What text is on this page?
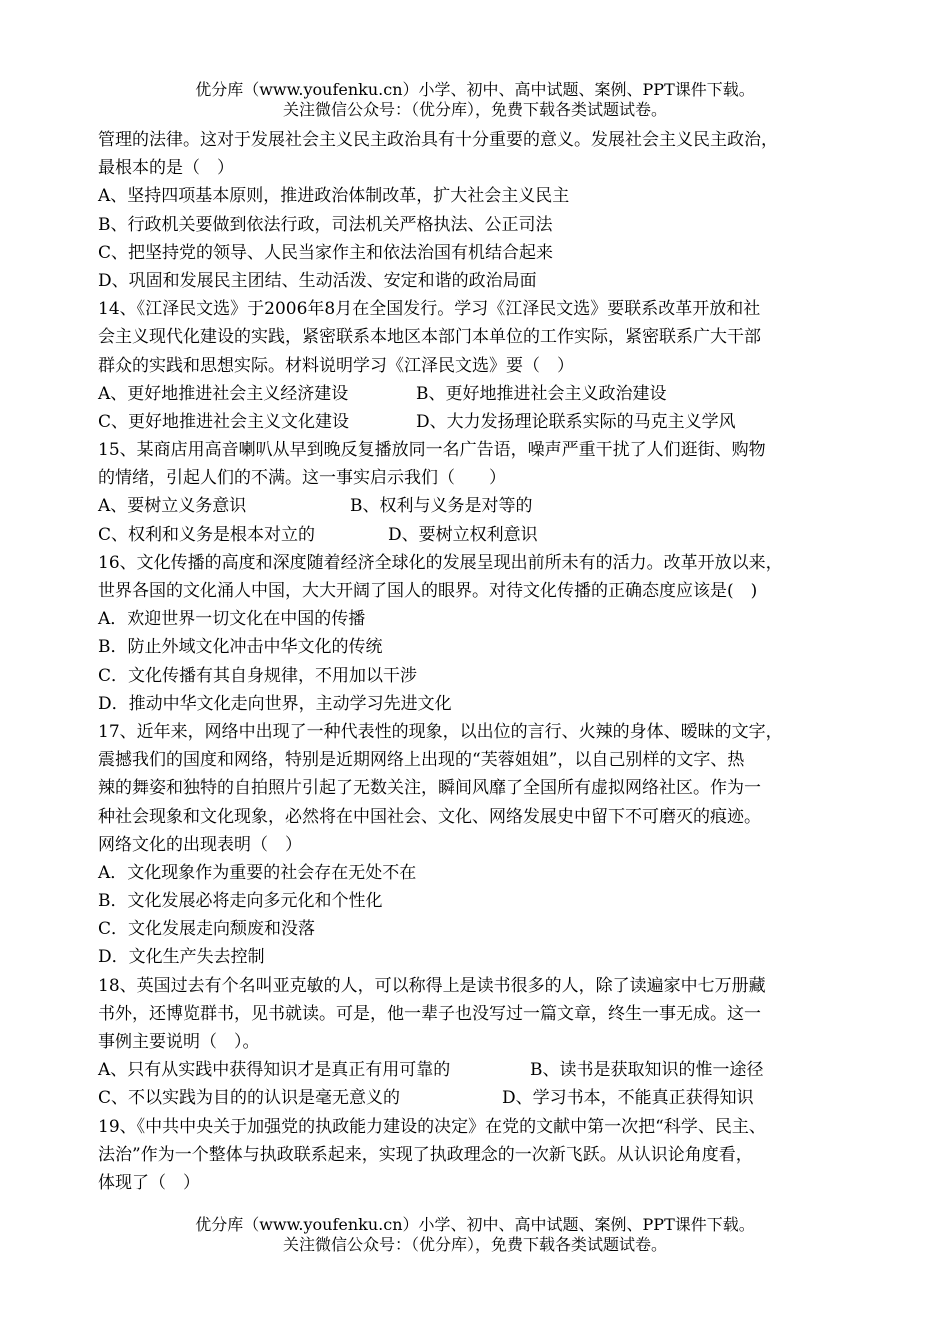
优分库（www.youfenku.cn）小学、初中、高中试题、案例、PPT课件下载。
关注微信公众号：（优分库），免费下载各类试题试卷。
管理的法律。这对于发展社会主义民主政治具有十分重要的意义。发展社会主义民主政治，
最根本的是（　）
A、坚持四项基本原则，推进政治体制改革，扩大社会主义民主
B、行政机关要做到依法行政，司法机关严格执法、公正司法
C、把坚持党的领导、人民当家作主和依法治国有机结合起来
D、巩固和发展民主团结、生动活泼、安定和谐的政治局面
14、《江泽民文选》于2006年8月在全国发行。学习《江泽民文选》要联系改革开放和社
会主义现代化建设的实践，紧密联系本地区本部门本单位的工作实际，紧密联系广大干部
群众的实践和思想实际。材料说明学习《江泽民文选》要（　）
A、更好地推进社会主义经济建设	B、更好地推进社会主义政治建设
C、更好地推进社会主义文化建设	D、大力发扬理论联系实际的马克主义学风
15、某商店用高音喇叭从早到晚反复播放同一名广告语，噪声严重干扰了人们逛街、购物
的情绪，引起人们的不满。这一事实启示我们（　　）
A、要树立义务意识	B、权利与义务是对等的
C、权利和义务是根本对立的	D、要树立权利意识
16、文化传播的高度和深度随着经济全球化的发展呈现出前所未有的活力。改革开放以来，
世界各国的文化涌人中国，大大开阔了国人的眼界。对待文化传播的正确态度应该是(　)
A．欢迎世界一切文化在中国的传播
B．防止外域文化冲击中华文化的传统
C．文化传播有其自身规律，不用加以干涉
D．推动中华文化走向世界，主动学习先进文化
17、近年来，网络中出现了一种代表性的现象，以出位的言行、火辣的身体、暧昧的文字，
震撼我们的国度和网络，特别是近期网络上出现的“芙蓉姐姐”，以自己别样的文字、热
辣的舞姿和独特的自拍照片引起了无数关注，瞬间风靡了全国所有虚拟网络社区。作为一
种社会现象和文化现象，必然将在中国社会、文化、网络发展史中留下不可磨灭的痕迹。
网络文化的出现表明（　）
A．文化现象作为重要的社会存在无处不在
B．文化发展必将走向多元化和个性化
C．文化发展走向颓废和没落
D．文化生产失去控制
18、英国过去有个名叫亚克敏的人，可以称得上是读书很多的人，除了读遍家中七万册藏
书外，还博览群书，见书就读。可是，他一辈子也没写过一篇文章，终生一事无成。这一
事例主要说明（　）。
A、只有从实践中获得知识才是真正有用可靠的	B、读书是获取知识的惟一途径
C、不以实践为目的的认识是毫无意义的	D、学习书本，不能真正获得知识
19、《中共中央关于加强党的执政能力建设的决定》在党的文献中第一次把“科学、民主、
法治”作为一个整体与执政联系起来，实现了执政理念的一次新飞跃。从认识论角度看，
体现了（　）
优分库（www.youfenku.cn）小学、初中、高中试题、案例、PPT课件下载。
关注微信公众号：（优分库），免费下载各类试题试卷。
